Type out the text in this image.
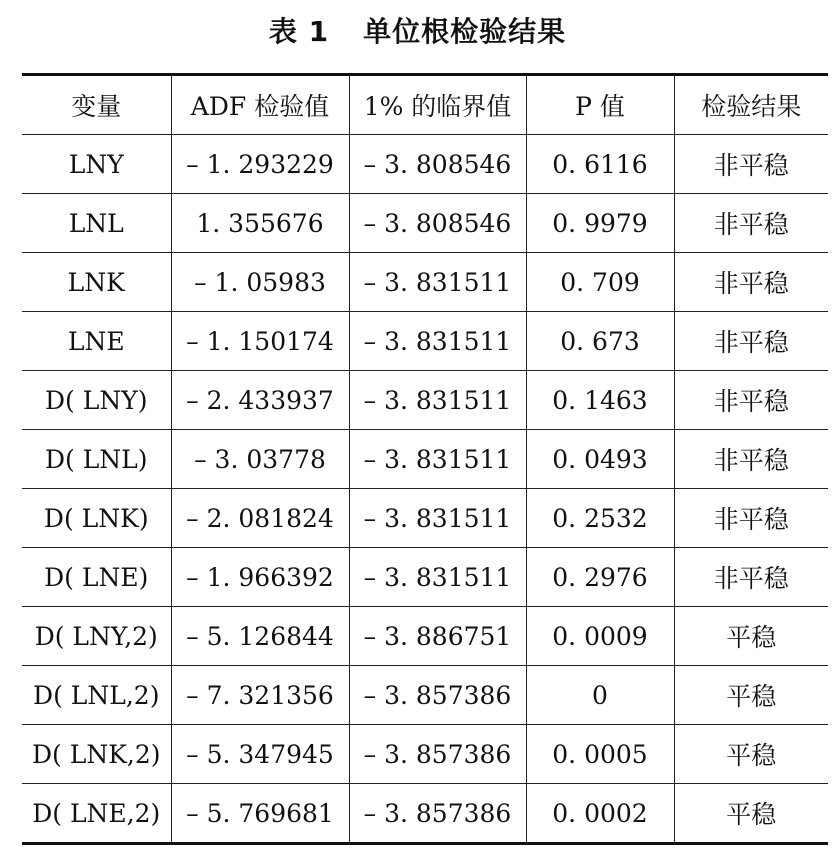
表 1 单位根检验结果
变量	ADF 检验值	1% 的临界值	P 值	检验结果
LNY	– 1. 293229	– 3. 808546	0. 6116	非平稳
LNL	1. 355676	– 3. 808546	0. 9979	非平稳
LNK	– 1. 05983	– 3. 831511	0. 709	非平稳
LNE	– 1. 150174	– 3. 831511	0. 673	非平稳
D( LNY)	– 2. 433937	– 3. 831511	0. 1463	非平稳
D( LNL)	– 3. 03778	– 3. 831511	0. 0493	非平稳
D( LNK)	– 2. 081824	– 3. 831511	0. 2532	非平稳
D( LNE)	– 1. 966392	– 3. 831511	0. 2976	非平稳
D( LNY,2)	– 5. 126844	– 3. 886751	0. 0009	平稳
D( LNL,2)	– 7. 321356	– 3. 857386	0	平稳
D( LNK,2)	– 5. 347945	– 3. 857386	0. 0005	平稳
D( LNE,2)	– 5. 769681	– 3. 857386	0. 0002	平稳
